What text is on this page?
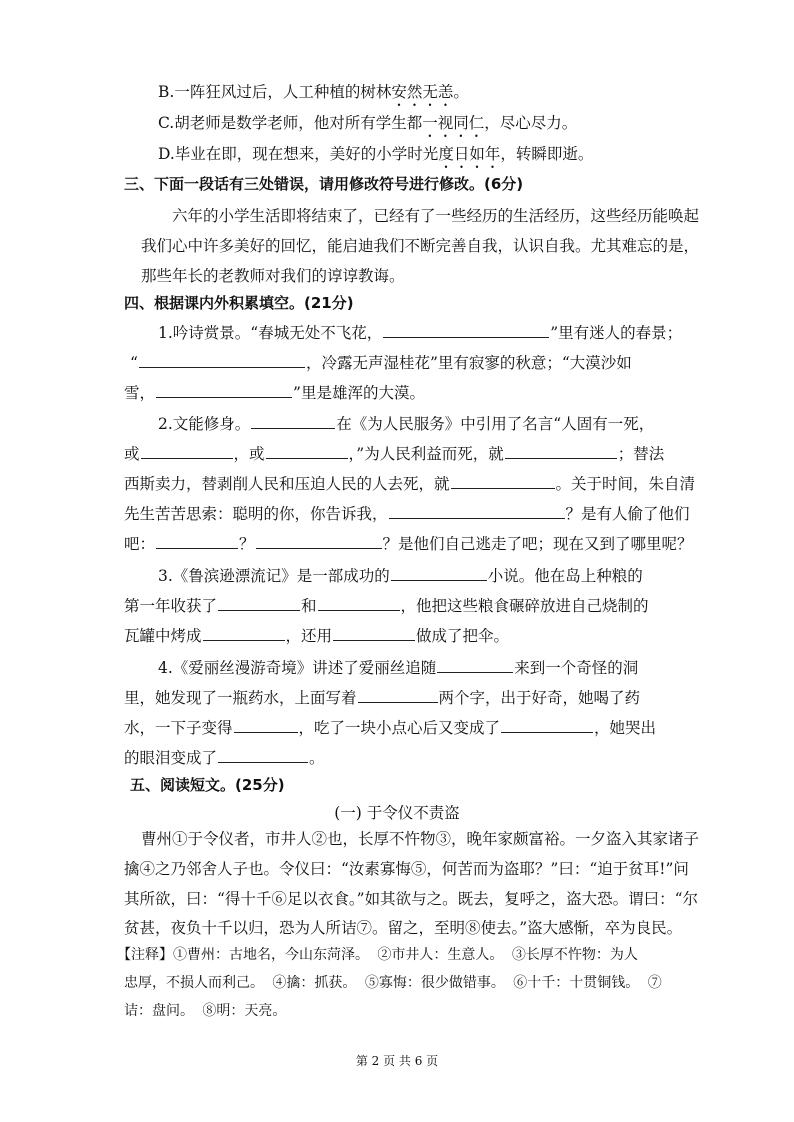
B.一阵狂风过后，人工种植的树林安然无恙。
C.胡老师是数学老师，他对所有学生都一视同仁，尽心尽力。
D.毕业在即，现在想来，美好的小学时光度日如年，转瞬即逝。
三、下面一段话有三处错误，请用修改符号进行修改。(6分)
六年的小学生活即将结束了，已经有了一些经历的生活经历，这些经历能唤起
我们心中许多美好的回忆，能启迪我们不断完善自我，认识自我。尤其难忘的是，
那些年长的老教师对我们的谆谆教诲。
四、根据课内外积累填空。(21分)
1.吟诗赏景。“春城无处不飞花，	”里有迷人的春景；
“	，冷露无声湿桂花”里有寂寥的秋意；“大漠沙如
雪，	”里是雄浑的大漠。
2.文能修身。	在《为人民服务》中引用了名言“人固有一死，
或	，或	，”为人民利益而死，就	；替法
西斯卖力，替剥削人民和压迫人民的人去死，就	。关于时间，朱自清
先生苦苦思索：聪明的你，你告诉我，	？是有人偷了他们
吧：	？	？是他们自己逃走了吧；现在又到了哪里呢？
3.《鲁滨逊漂流记》是一部成功的	小说。他在岛上种粮的
第一年收获了	和	，他把这些粮食碾碎放进自己烧制的
瓦罐中烤成	，还用	做成了把伞。
4.《爱丽丝漫游奇境》讲述了爱丽丝追随	来到一个奇怪的洞
里，她发现了一瓶药水，上面写着	两个字，出于好奇，她喝了药
水，一下子变得	，吃了一块小点心后又变成了	，她哭出
的眼泪变成了	。
五、阅读短文。(25分)
(一) 于令仪不责盗
曹州①于令仪者，市井人②也，长厚不忤物③，晚年家颇富裕。一夕盗入其家诸子
擒④之乃邻舍人子也。令仪曰：“汝素寡悔⑤，何苦而为盗耶？”曰：“迫于贫耳!”问
其所欲，曰：“得十千⑥足以衣食。”如其欲与之。既去，复呼之，盗大恐。谓曰：“尔
贫甚，夜负十千以归，恐为人所诘⑦。留之，至明⑧使去。”盗大感惭，卒为良民。
【注释】①曹州：古地名，今山东菏泽。 ②市井人：生意人。 ③长厚不忤物：为人
忠厚，不损人而利己。 ④擒：抓获。 ⑤寡悔：很少做错事。 ⑥十千：十贯铜钱。 ⑦
诘：盘问。 ⑧明：天亮。
第 2 页 共 6 页
